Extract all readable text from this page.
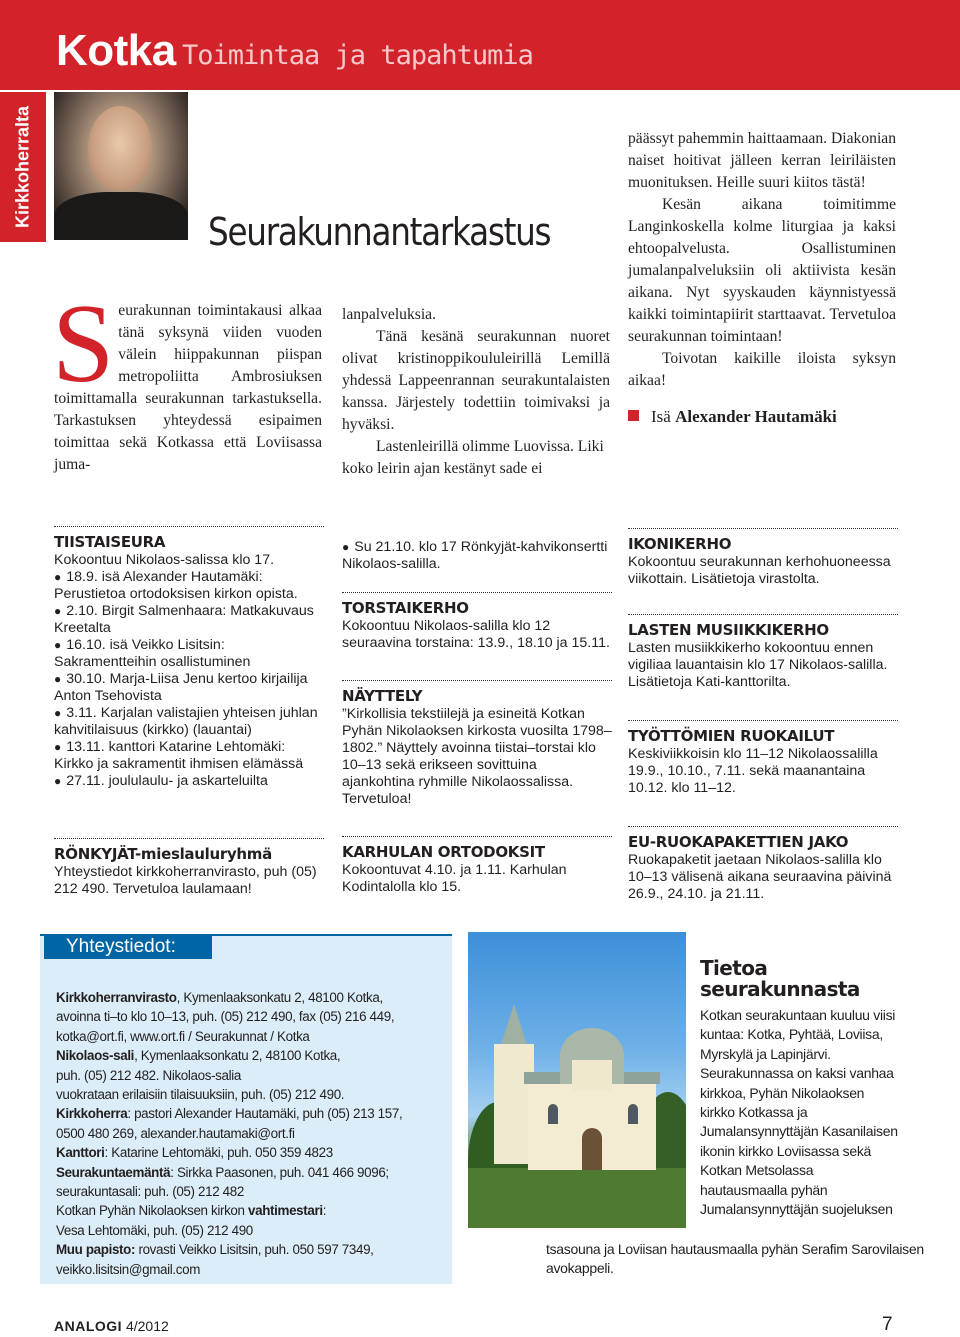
Kotka Toimintaa ja tapahtumia
Kirkkoherralta
Seurakunnantarkastus
Seurakunnan toimintakausi alkaa tänä syksynä viiden vuoden välein hiippakunnan piispan metropoliitta Ambrosiuksen toimittamalla seurakunnan tarkastuksella. Tarkastuksen yhteydessä esipaimen toimittaa sekä Kotkassa että Loviisassa juma-

lanpalveluksia.

Tänä kesänä seurakunnan nuoret olivat kristinoppikoululeirillä Lemillä yhdessä Lappeenrannan seurakuntalaisten kanssa. Järjestely todettiin toimivaksi ja hyväksi.

Lastenleirillä olimme Luovissa. Liki koko leirin ajan kestänyt sade ei

päässyt pahemmin haittaamaan. Diakonian naiset hoitivat jälleen kerran leiriläisten muonituksen. Heille suuri kiitos tästä!

Kesän aikana toimitimme Langinkoskella kolme liturgiaa ja kaksi ehtoopalvelusta. Osallistuminen jumalanpalveluksiin oli aktiivista kesän aikana. Nyt syyskauden käynnistyessä kaikki toimintapiirit starttaavat. Tervetuloa seurakunnan toimintaan!

Toivotan kaikille iloista syksyn aikaa!

Isä Alexander Hautamäki

TIISTAISEURA

Kokoontuu Nikolaos-salissa klo 17.

● 18.9. isä Alexander Hautamäki: Perustietoa ortodoksisen kirkon opista.

● 2.10. Birgit Salmenhaara: Matkakuvaus Kreetalta

● 16.10. isä Veikko Lisitsin: Sakramentteihin osallistuminen

● 30.10. Marja-Liisa Jenu kertoo kirjailija Anton Tsehovista

● 3.11. Karjalan valistajien yhteisen juhlan kahvitilaisuus (kirkko) (lauantai)

● 13.11. kanttori Katarine Lehtomäki: Kirkko ja sakramentit ihmisen elämässä

● 27.11. joululaulu- ja askarteluilta

RÖNKYJÄT-mieslauluryhmä

Yhteystiedot kirkkoherranvirasto, puh (05) 212 490. Tervetuloa laulamaan!

● Su 21.10. klo 17 Rönkyjät-kahvikonsertti Nikolaos-salilla.

TORSTAIKERHO

Kokoontuu Nikolaos-salilla klo 12 seuraavina torstaina: 13.9., 18.10 ja 15.11.

NÄYTTELY

”Kirkollisia tekstiilejä ja esineitä Kotkan Pyhän Nikolaoksen kirkosta vuosilta 1798–1802.” Näyttely avoinna tiistai–torstai klo 10–13 sekä erikseen sovittuina ajankohtina ryhmille Nikolaossalissa. Tervetuloa!

KARHULAN ORTODOKSIT

Kokoontuvat 4.10. ja 1.11. Karhulan Kodintalolla klo 15.

IKONIKERHO

Kokoontuu seurakunnan kerhohuoneessa viikottain. Lisätietoja virastolta.

LASTEN MUSIIKKIKERHO

Lasten musiikkikerho kokoontuu ennen vigiliaa lauantaisin klo 17 Nikolaos-salilla. Lisätietoja Kati-kanttorilta.

TYÖTTÖMIEN RUOKAILUT

Keskiviikkoisin klo 11–12 Nikolaossalilla 19.9., 10.10., 7.11. sekä maanantaina 10.12. klo 11–12.

EU-RUOKAPAKETTIEN JAKO

Ruokapaketit jaetaan Nikolaos-salilla klo 10–13 välisenä aikana seuraavina päivinä 26.9., 24.10. ja 21.11.

Yhteystiedot:
Kirkkoherranvirasto, Kymenlaaksonkatu 2, 48100 Kotka,
avoinna ti–to klo 10–13, puh. (05) 212 490, fax (05) 216 449,
kotka@ort.fi, www.ort.fi / Seurakunnat / Kotka
Nikolaos-sali, Kymenlaaksonkatu 2, 48100 Kotka,
puh. (05) 212 482. Nikolaos-salia
vuokrataan erilaisiin tilaisuuksiin, puh. (05) 212 490.
Kirkkoherra: pastori Alexander Hautamäki, puh (05) 213 157,
0500 480 269, alexander.hautamaki@ort.fi
Kanttori: Katarine Lehtomäki, puh. 050 359 4823
Seurakuntaemäntä: Sirkka Paasonen, puh. 041 466 9096;
seurakuntasali: puh. (05) 212 482
Kotkan Pyhän Nikolaoksen kirkon vahtimestari:
Vesa Lehtomäki, puh. (05) 212 490
Muu papisto: rovasti Veikko Lisitsin, puh. 050 597 7349,
veikko.lisitsin@gmail.com
Tietoa
seurakunnasta
Kotkan seurakuntaan kuuluu viisi kuntaa: Kotka, Pyhtää, Loviisa, Myrskylä ja Lapinjärvi. Seurakunnassa on kaksi vanhaa kirkkoa, Pyhän Nikolaoksen kirkko Kotkassa ja Jumalansynnyttäjän Kasanilaisen ikonin kirkko Loviisassa sekä Kotkan Metsolassa hautausmaalla pyhän Jumalansynnyttäjän suojeluksen
tsasouna ja Loviisan hautausmaalla pyhän Serafim Sarovilaisen avokappeli.
ANALOGI 4/2012	7
